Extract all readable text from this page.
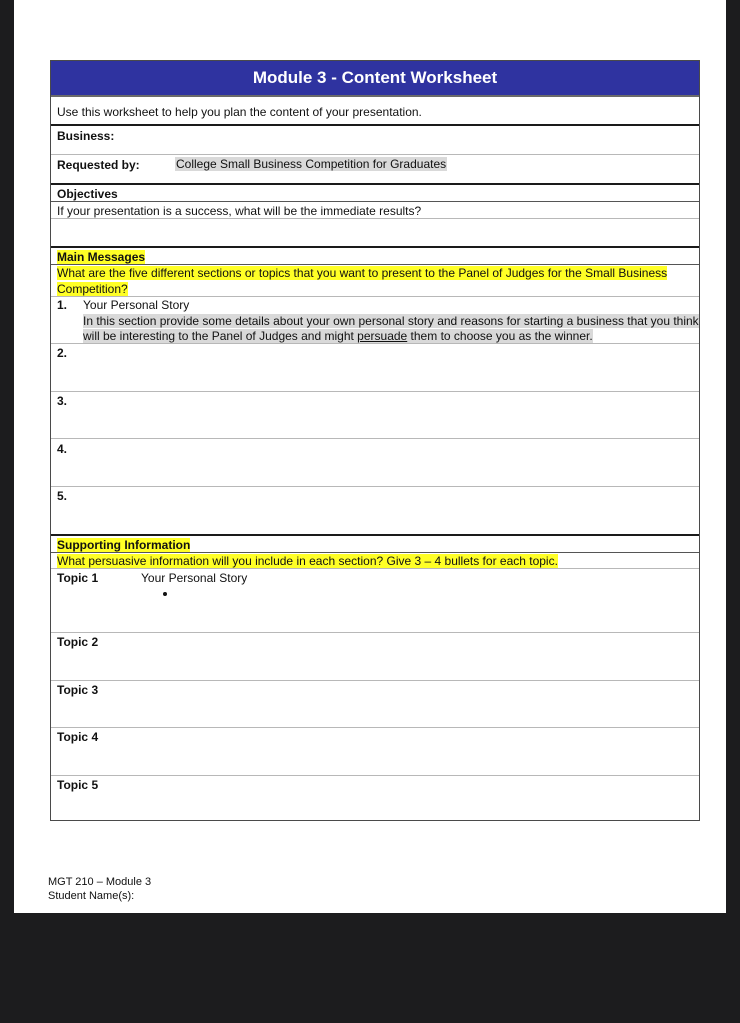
Module 3 - Content Worksheet
Use this worksheet to help you plan the content of your presentation.
Business:
Requested by:	College Small Business Competition for Graduates
Objectives
If your presentation is a success, what will be the immediate results?
Main Messages
What are the five different sections or topics that you want to present to the Panel of Judges for the Small Business
Competition?
1. Your Personal Story
In this section provide some details about your own personal story and reasons for starting a business that you think
will be interesting to the Panel of Judges and might persuade them to choose you as the winner.
2.
3.
4.
5.
Supporting Information
What persuasive information will you include in each section? Give 3 – 4 bullets for each topic.
Topic 1	Your Personal Story
Topic 2
Topic 3
Topic 4
Topic 5
MGT 210 – Module 3
Student Name(s):
